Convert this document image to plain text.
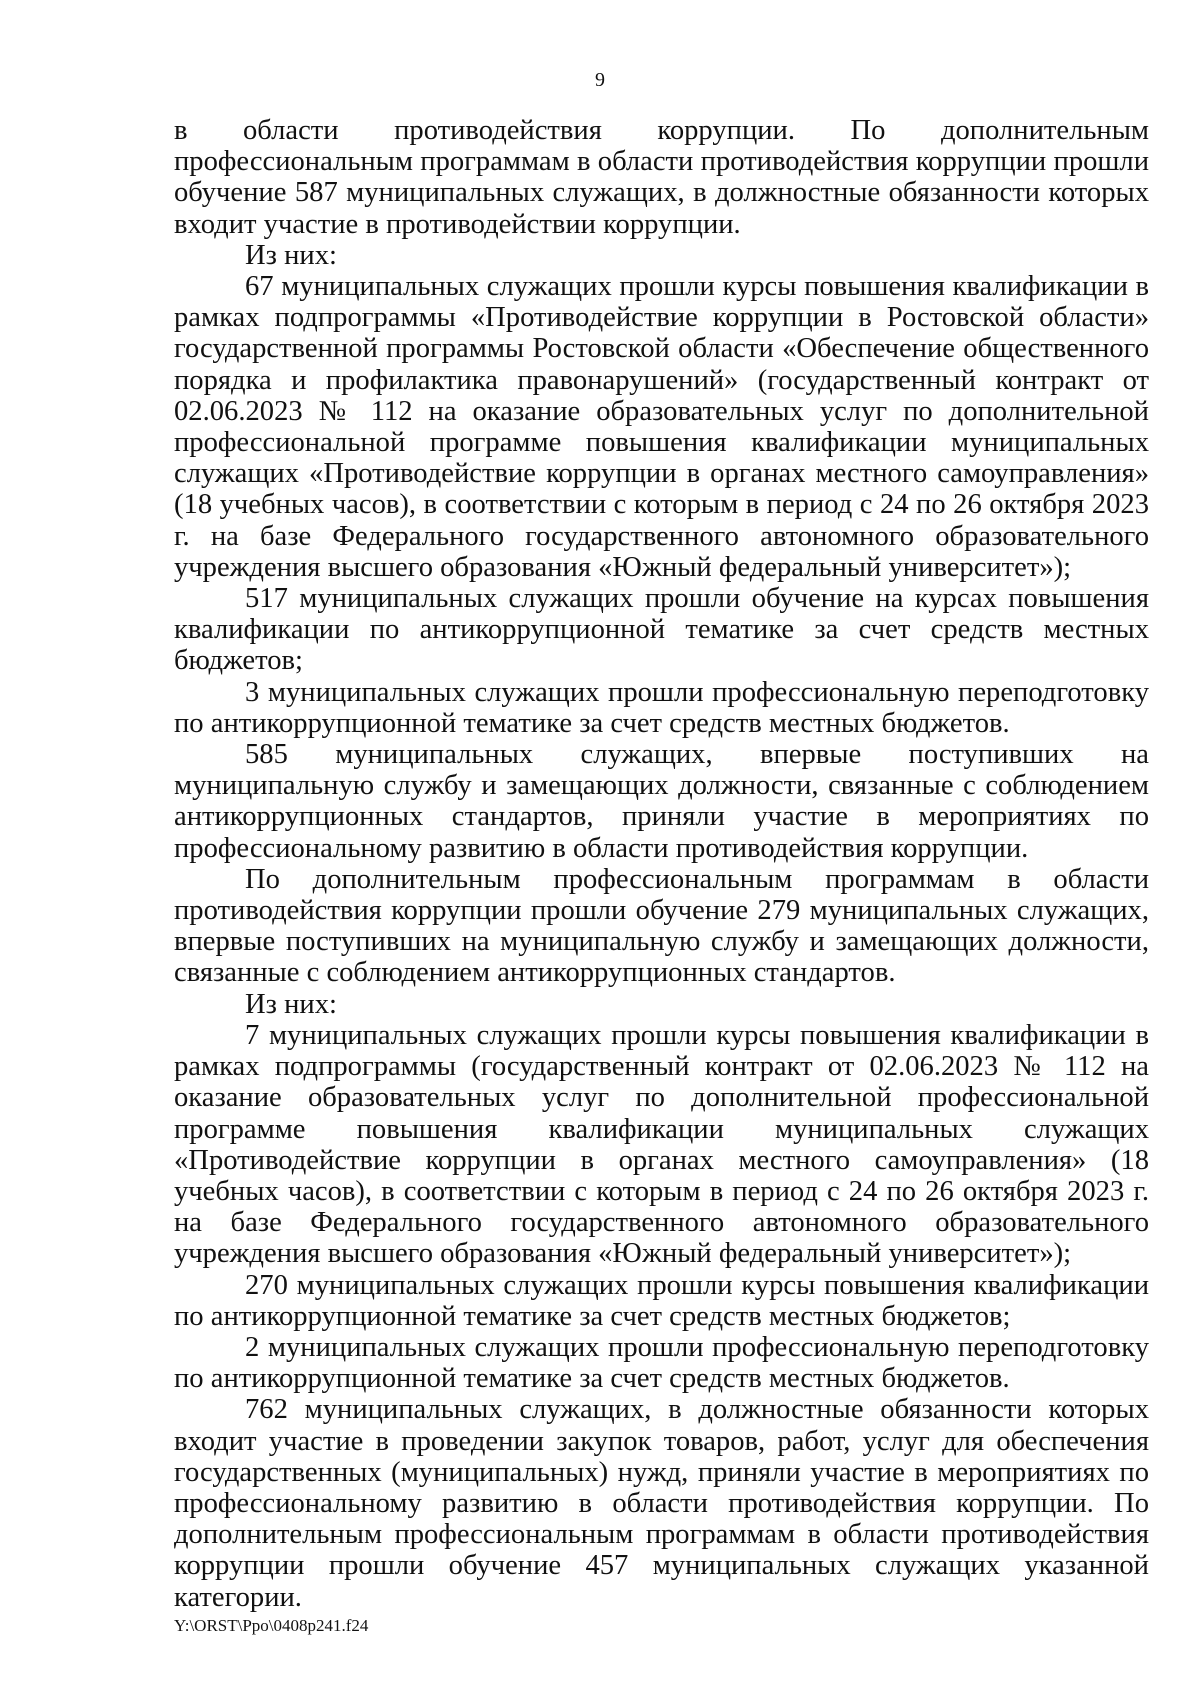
9

в области противодействия коррупции. По дополнительным профессиональным программам в области противодействия коррупции прошли обучение 587 муниципальных служащих, в должностные обязанности которых входит участие в противодействии коррупции.

Из них:

67 муниципальных служащих прошли курсы повышения квалификации в рамках подпрограммы «Противодействие коррупции в Ростовской области» государственной программы Ростовской области «Обеспечение общественного порядка и профилактика правонарушений» (государственный контракт от 02.06.2023 № 112 на оказание образовательных услуг по дополнительной профессиональной программе повышения квалификации муниципальных служащих «Противодействие коррупции в органах местного самоуправления» (18 учебных часов), в соответствии с которым в период с 24 по 26 октября 2023 г. на базе Федерального государственного автономного образовательного учреждения высшего образования «Южный федеральный университет»);

517 муниципальных служащих прошли обучение на курсах повышения квалификации по антикоррупционной тематике за счет средств местных бюджетов;

3 муниципальных служащих прошли профессиональную переподготовку по антикоррупционной тематике за счет средств местных бюджетов.

585 муниципальных служащих, впервые поступивших на муниципальную службу и замещающих должности, связанные с соблюдением антикоррупционных стандартов, приняли участие в мероприятиях по профессиональному развитию в области противодействия коррупции.

По дополнительным профессиональным программам в области противодействия коррупции прошли обучение 279 муниципальных служащих, впервые поступивших на муниципальную службу и замещающих должности, связанные с соблюдением антикоррупционных стандартов.

Из них:

7 муниципальных служащих прошли курсы повышения квалификации в рамках подпрограммы (государственный контракт от 02.06.2023 № 112 на оказание образовательных услуг по дополнительной профессиональной программе повышения квалификации муниципальных служащих «Противодействие коррупции в органах местного самоуправления» (18 учебных часов), в соответствии с которым в период с 24 по 26 октября 2023 г. на базе Федерального государственного автономного образовательного учреждения высшего образования «Южный федеральный университет»);

270 муниципальных служащих прошли курсы повышения квалификации по антикоррупционной тематике за счет средств местных бюджетов;

2 муниципальных служащих прошли профессиональную переподготовку по антикоррупционной тематике за счет средств местных бюджетов.

762 муниципальных служащих, в должностные обязанности которых входит участие в проведении закупок товаров, работ, услуг для обеспечения государственных (муниципальных) нужд, приняли участие в мероприятиях по профессиональному развитию в области противодействия коррупции. По дополнительным профессиональным программам в области противодействия коррупции прошли обучение 457 муниципальных служащих указанной категории.

Y:\ORST\Ppo\0408p241.f24
